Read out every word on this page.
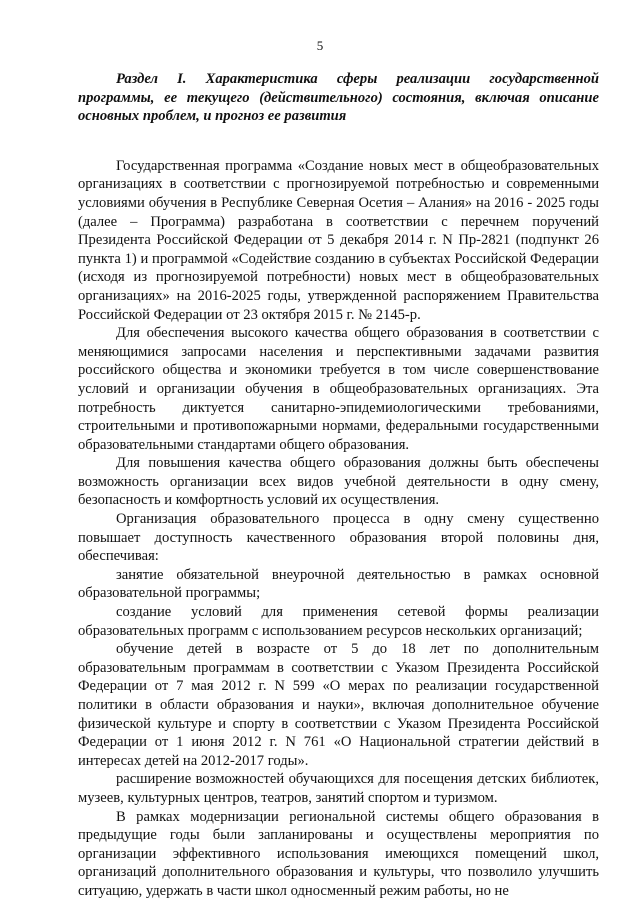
5

Раздел I. Характеристика сферы реализации государственной программы, ее текущего (действительного) состояния, включая описание основных проблем, и прогноз ее развития

Государственная программа «Создание новых мест в общеобразовательных организациях в соответствии с прогнозируемой потребностью и современными условиями обучения в Республике Северная Осетия – Алания» на 2016 - 2025 годы (далее – Программа) разработана в соответствии с перечнем поручений Президента Российской Федерации от 5 декабря 2014 г. N Пр-2821 (подпункт 26 пункта 1) и программой «Содействие созданию в субъектах Российской Федерации (исходя из прогнозируемой потребности) новых мест в общеобразовательных организациях» на 2016-2025 годы, утвержденной распоряжением Правительства Российской Федерации от 23 октября 2015 г. № 2145-р.

Для обеспечения высокого качества общего образования в соответствии с меняющимися запросами населения и перспективными задачами развития российского общества и экономики требуется в том числе совершенствование условий и организации обучения в общеобразовательных организациях. Эта потребность диктуется санитарно-эпидемиологическими требованиями, строительными и противопожарными нормами, федеральными государственными образовательными стандартами общего образования.

Для повышения качества общего образования должны быть обеспечены возможность организации всех видов учебной деятельности в одну смену, безопасность и комфортность условий их осуществления.

Организация образовательного процесса в одну смену существенно повышает доступность качественного образования второй половины дня, обеспечивая:

занятие обязательной внеурочной деятельностью в рамках основной образовательной программы;

создание условий для применения сетевой формы реализации образовательных программ с использованием ресурсов нескольких организаций;

обучение детей в возрасте от 5 до 18 лет по дополнительным образовательным программам в соответствии с Указом Президента Российской Федерации от 7 мая 2012 г. N 599 «О мерах по реализации государственной политики в области образования и науки», включая дополнительное обучение физической культуре и спорту в соответствии с Указом Президента Российской Федерации от 1 июня 2012 г. N 761 «О Национальной стратегии действий в интересах детей на 2012-2017 годы».

расширение возможностей обучающихся для посещения детских библиотек, музеев, культурных центров, театров, занятий спортом и туризмом.

В рамках модернизации региональной системы общего образования в предыдущие годы были запланированы и осуществлены мероприятия по организации эффективного использования имеющихся помещений школ, организаций дополнительного образования и культуры, что позволило улучшить ситуацию, удержать в части школ односменный режим работы, но не
